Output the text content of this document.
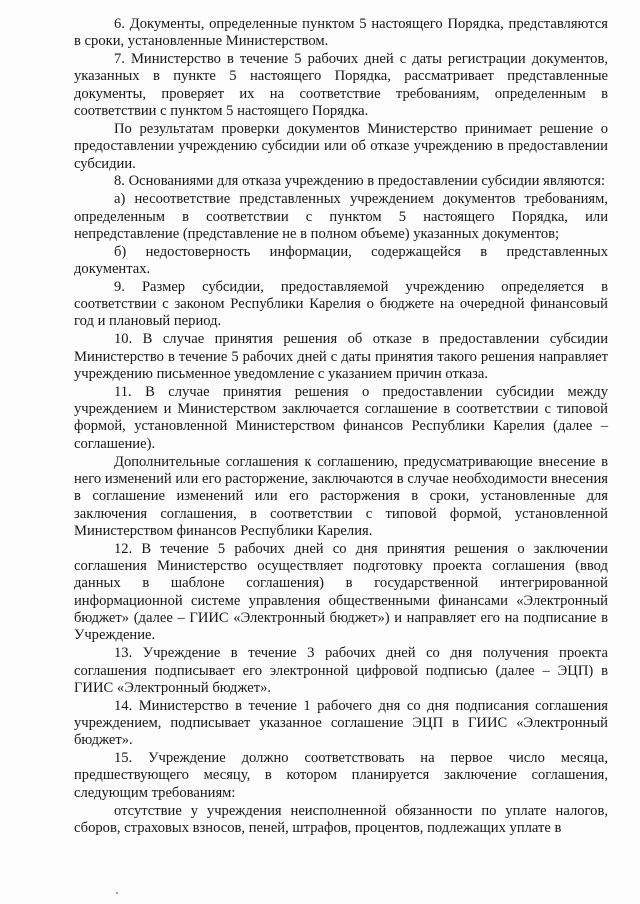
6. Документы, определенные пунктом 5 настоящего Порядка, представляются в сроки, установленные Министерством.

7. Министерство в течение 5 рабочих дней с даты регистрации документов, указанных в пункте 5 настоящего Порядка, рассматривает представленные документы, проверяет их на соответствие требованиям, определенным в соответствии с пунктом 5 настоящего Порядка.

По результатам проверки документов Министерство принимает решение о предоставлении учреждению субсидии или об отказе учреждению в предоставлении субсидии.

8. Основаниями для отказа учреждению в предоставлении субсидии являются:

а) несоответствие представленных учреждением документов требованиям, определенным в соответствии с пунктом 5 настоящего Порядка, или непредставление (представление не в полном объеме) указанных документов;

б) недостоверность информации, содержащейся в представленных документах.

9. Размер субсидии, предоставляемой учреждению определяется в соответствии с законом Республики Карелия о бюджете на очередной финансовый год и плановый период.

10. В случае принятия решения об отказе в предоставлении субсидии Министерство в течение 5 рабочих дней с даты принятия такого решения направляет учреждению письменное уведомление с указанием причин отказа.

11. В случае принятия решения о предоставлении субсидии между учреждением и Министерством заключается соглашение в соответствии с типовой формой, установленной Министерством финансов Республики Карелия (далее – соглашение).

Дополнительные соглашения к соглашению, предусматривающие внесение в него изменений или его расторжение, заключаются в случае необходимости внесения в соглашение изменений или его расторжения в сроки, установленные для заключения соглашения, в соответствии с типовой формой, установленной Министерством финансов Республики Карелия.

12. В течение 5 рабочих дней со дня принятия решения о заключении соглашения Министерство осуществляет подготовку проекта соглашения (ввод данных в шаблоне соглашения) в государственной интегрированной информационной системе управления общественными финансами «Электронный бюджет» (далее – ГИИС «Электронный бюджет») и направляет его на подписание в Учреждение.

13. Учреждение в течение 3 рабочих дней со дня получения проекта соглашения подписывает его электронной цифровой подписью (далее – ЭЦП) в ГИИС «Электронный бюджет».

14. Министерство в течение 1 рабочего дня со дня подписания соглашения учреждением, подписывает указанное соглашение ЭЦП в ГИИС «Электронный бюджет».

15. Учреждение должно соответствовать на первое число месяца, предшествующего месяцу, в котором планируется заключение соглашения, следующим требованиям:

отсутствие у учреждения неисполненной обязанности по уплате налогов, сборов, страховых взносов, пеней, штрафов, процентов, подлежащих уплате в
